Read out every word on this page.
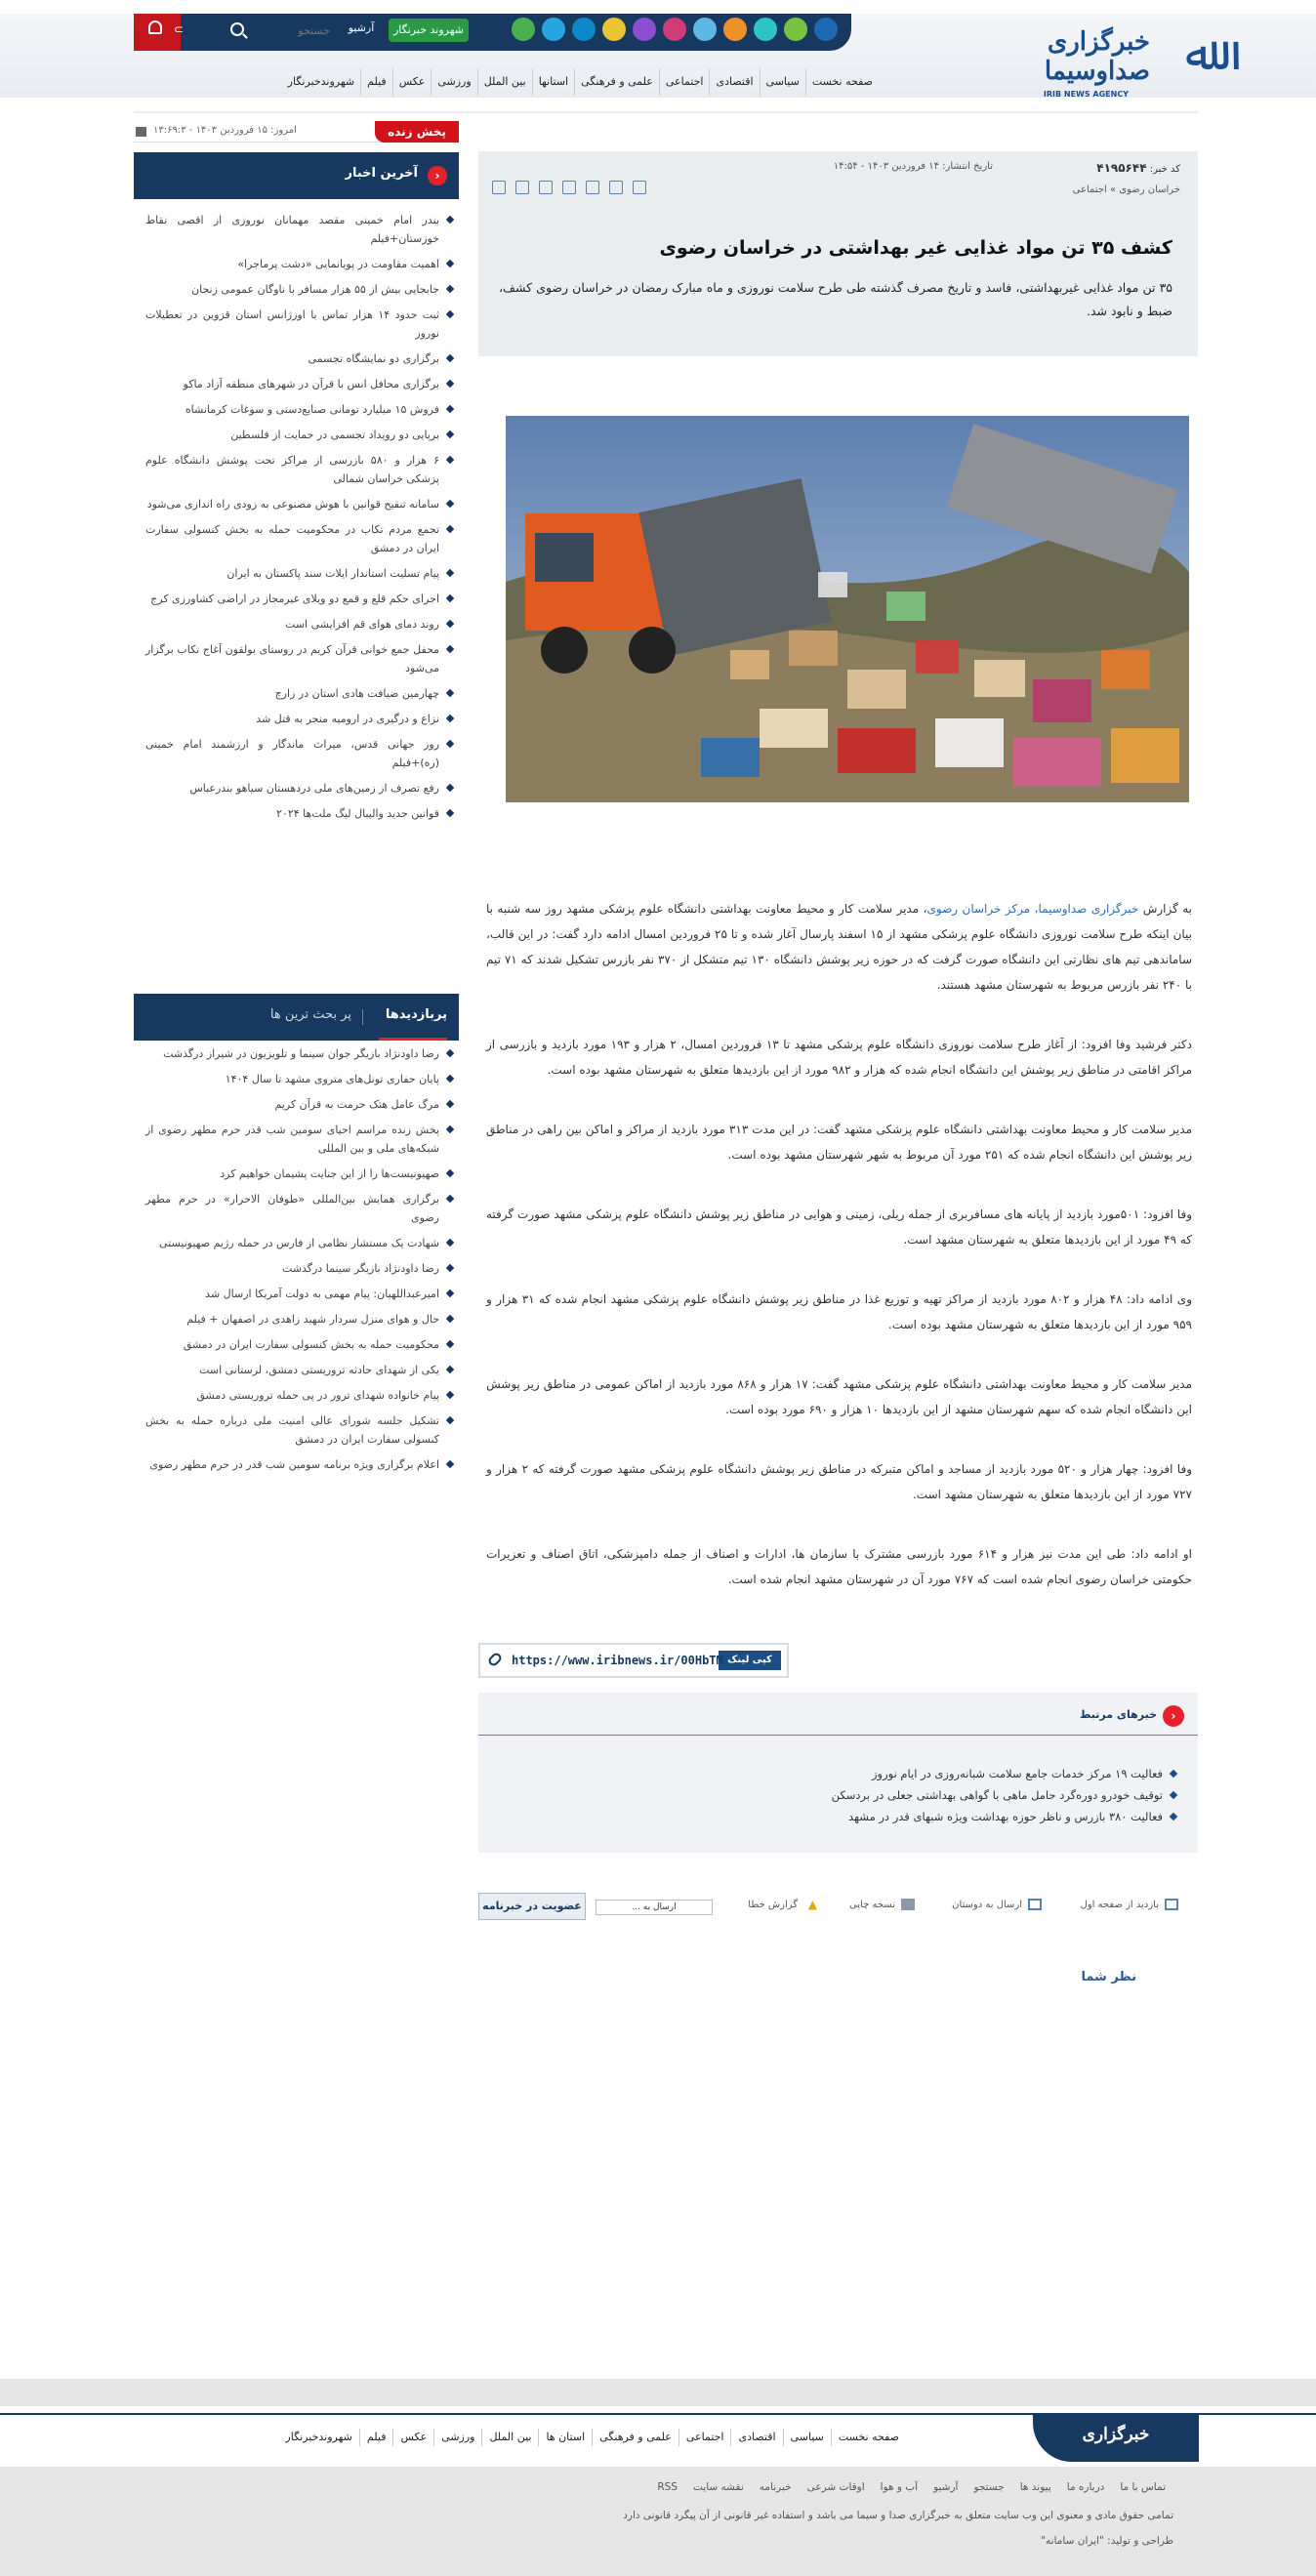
⊃
جستجو	آرشیو	شهروند خبرنگار	ﷲ
خبرگزاری صداوسیما
IRIB NEWS AGENCY
صفحه نخست
سیاسی
اقتصادی
اجتماعی
علمی و فرهنگی
استانها
بین الملل
ورزشی
عکس
فیلم
شهروندخبرنگار
پخش زنده
امروز: ۱۵ فروردین ۱۴۰۳ - ۱۳:۶۹:۳
‹
آخرین اخبار
بندر امام خمینی مقصد مهمانان نوروزی از اقصی نقاط خوزستان+فیلم
اهمیت مقاومت در پویانمایی «دشت پرماجرا»
جابجایی بیش از ۵۵ هزار مسافر با ناوگان عمومی زنجان
ثبت حدود ۱۴ هزار تماس با اورژانس استان قزوین در تعطیلات نوروز
برگزاری دو نمایشگاه تجسمی
برگزاری محافل انس با قرآن در شهرهای منطقه آزاد ماکو
فروش ۱۵ میلیارد تومانی صنایع‌دستی و سوغات کرمانشاه
برپایی دو رویداد تجسمی در حمایت از فلسطین
۶ هزار و ۵۸۰ بازرسی از مراکز تحت پوشش دانشگاه علوم پزشکی خراسان شمالی
سامانه تنقیح قوانین با هوش مصنوعی به زودی راه اندازی می‌شود
تجمع مردم تکاب در محکومیت حمله به بخش کنسولی سفارت ایران در دمشق
پیام تسلیت استاندار ایلات سند پاکستان به ایران
اجرای حکم قلع و قمع دو ویلای غیرمجاز در اراضی کشاورزی کرج
روند دمای هوای قم افزایشی است
محفل جمع خوانی قرآن کریم در روستای بولقون آغاج تکاب برگزار می‌شود
چهارمین ضیافت هادی استان در زارچ
نزاع و درگیری در اروميه منجر به قتل شد
روز جهانی قدس، میراث ماندگار و ارزشمند امام خمینی (ره)+فیلم
رفع تصرف از زمین‌های ملی دردهستان سیاهو بندرعباس
قوانین جدید والیبال لیگ ملت‌ها ۲۰۲۴
پربازدیدها
پر بحث ترین ها
رضا داودنژاد بازیگر جوان سینما و تلویزیون در شیراز درگذشت
پایان حفاری تونل‌های متروی مشهد تا سال ۱۴۰۴
مرگ عامل هتک حرمت به قرآن کریم
پخش زنده مراسم احیای سومین شب قدر حرم مطهر رضوی از شبکه‌های ملی و بین المللی
صهیونیست‌ها را از این جنایت پشیمان خواهیم کرد
برگزاری همایش بین‌المللی «طوفان الاحرار» در حرم مطهر رضوی
شهادت یک مستشار نظامی از فارس در حمله رژیم صهیونیستی
رضا داودنژاد بازیگر سینما درگذشت
امیرعبداللهیان: پیام مهمی به دولت آمریکا ارسال شد
حال و هوای منزل سردار شهید زاهدی در اصفهان + فیلم
محکومیت حمله به بخش کنسولی سفارت ایران در دمشق
یکی از شهدای حادثه تروریستی دمشق، لرستانی است
پیام خانواده شهدای ترور در پی حمله تروریستی دمشق
تشکیل جلسه شورای عالی امنیت ملی درباره حمله به بخش کنسولی سفارت ایران در دمشق
اعلام برگزاری ویژه برنامه سومین شب قدر در حرم مطهر رضوی
کد خبر: ۴۱۹۵۶۴۴
تاریخ انتشار: ۱۴ فروردین ۱۴۰۳ - ۱۴:۵۴
خراسان رضوی » اجتماعی
کشف ۳۵ تن مواد غذایی غیر بهداشتی در خراسان رضوی

۳۵ تن مواد غذایی غیربهداشتی، فاسد و تاریخ مصرف گذشته طی طرح سلامت نوروزی و ماه مبارک رمضان در خراسان رضوی کشف، ضبط و نابود شد.

به گزارش خبرگزاری صداوسیما، مرکز خراسان رضوی، مدیر سلامت کار و محیط معاونت بهداشتی دانشگاه علوم پزشکی مشهد روز سه شنبه با بیان اینکه طرح سلامت نوروزی دانشگاه علوم پزشکی مشهد از ۱۵ اسفند پارسال آغاز شده و تا ۲۵ فروردین امسال ادامه دارد گفت: در این قالب، ساماندهی تیم های نظارتی این دانشگاه صورت گرفت که در حوزه زیر پوشش دانشگاه ۱۳۰ تیم متشکل از ۳۷۰ نفر بازرس تشکیل شدند که ۷۱ تیم با ۲۴۰ نفر بازرس مربوط به شهرستان مشهد هستند.

دکتر فرشید وفا افزود: از آغاز طرح سلامت نوروزی دانشگاه علوم پزشکی مشهد تا ۱۳ فروردین امسال، ۲ هزار و ۱۹۳ مورد بازدید و بازرسی از مراکز اقامتی در مناطق زیر پوشش این دانشگاه انجام شده که هزار و ۹۸۲ مورد از این بازدیدها متعلق به شهرستان مشهد بوده است.

مدیر سلامت کار و محیط معاونت بهداشتی دانشگاه علوم پزشکی مشهد گفت: در این مدت ۳۱۳ مورد بازدید از مراکز و اماکن بین راهی در مناطق زیر پوشش این دانشگاه انجام شده که ۲۵۱ مورد آن مربوط به شهر شهرستان مشهد بوده است.

وفا افزود: ۵۰۱مورد بازدید از پایانه های مسافربری از جمله ریلی، زمینی و هوایی در مناطق زیر پوشش دانشگاه علوم پزشکی مشهد صورت گرفته که ۴۹ مورد از این بازدیدها متعلق به شهرستان مشهد است.

وی ادامه داد: ۴۸ هزار و ۸۰۲ مورد بازدید از مراکز تهیه و توزیع غذا در مناطق زیر پوشش دانشگاه علوم پزشکی مشهد انجام شده که ۳۱ هزار و ۹۵۹ مورد از این بازدیدها متعلق به شهرستان مشهد بوده است.

مدیر سلامت کار و محیط معاونت بهداشتی دانشگاه علوم پزشکی مشهد گفت: ۱۷ هزار و ۸۶۸ مورد بازدید از اماکن عمومی در مناطق زیر پوشش این دانشگاه انجام شده که سهم شهرستان مشهد از این بازدیدها ۱۰ هزار و ۶۹۰ مورد بوده است.

وفا افزود: چهار هزار و ۵۲۰ مورد بازدید از مساجد و اماکن متبرکه در مناطق زیر پوشش دانشگاه علوم پزشکی مشهد صورت گرفته که ۲ هزار و ۷۲۷ مورد از این بازدیدها متعلق به شهرستان مشهد است.

او ادامه داد: طی این مدت نیز هزار و ۶۱۴ مورد بازرسی مشترک با سازمان ها، ادارات و اصناف از جمله دامپزشکی، اتاق اصناف و تعزیرات حکومتی خراسان رضوی انجام شده است که ۷۶۷ مورد آن در شهرستان مشهد انجام شده است.

کپی لینک
https://www.iribnews.ir/00HbTM
‹
خبرهای مرتبط
فعالیت ۱۹ مرکز خدمات جامع سلامت شبانه‌روزی در ایام نوروز
توقیف خودرو دوره‌گرد حامل ماهی با گواهی بهداشتی جعلی در بردسکن
فعالیت ۳۸۰ بازرس و ناظر حوزه بهداشت ویژه شبهای قدر در مشهد
بازدید از صفحه اول
ارسال به دوستان
نسخه چاپی
▲گزارش خطا
ارسال به ...
عضویت در خبرنامه
نظر شما
خبرگزاری
صفحه نخست
سیاسی
اقتصادی
اجتماعی
علمی و فرهنگی
استان ها
بین الملل
ورزشی
عکس
فیلم
شهروندخبرنگار
تماس با ما
درباره ما
پیوند ها
جستجو
آرشیو
آب و هوا
اوقات شرعی
خبرنامه
نقشه سایت
RSS
تمامی حقوق مادی و معنوی این وب سایت متعلق به خبرگزاری صدا و سیما می باشد و استفاده غیر قانونی از آن پیگرد قانونی دارد
طراحی و تولید: "ایران سامانه"
